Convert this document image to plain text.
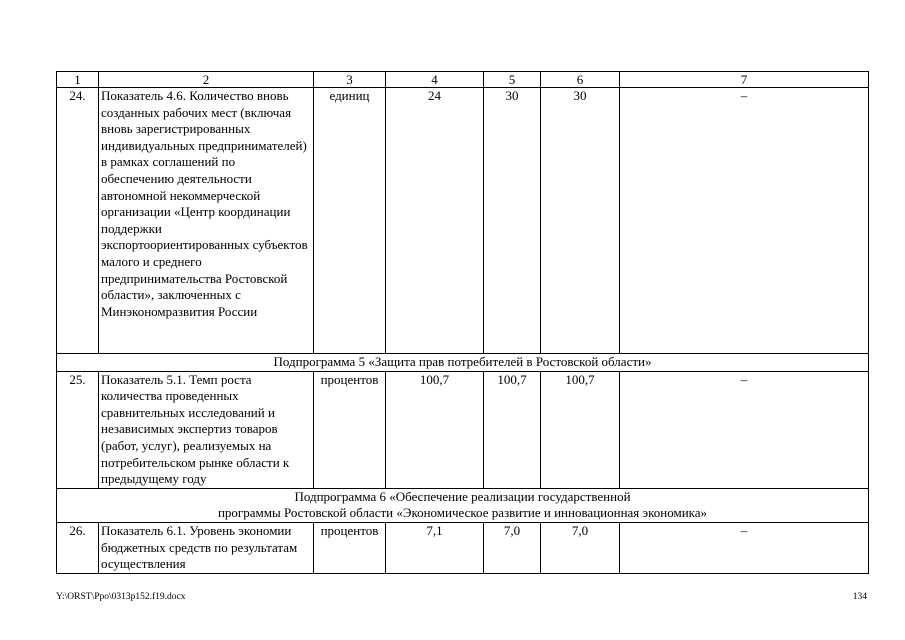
1	2	3	4	5	6	7
24.	Показатель 4.6. Количество вновь созданных рабочих мест (включая вновь зарегистрированных индивидуальных предпринимателей) в рамках соглашений по обеспечению деятельности автономной некоммерческой организации «Центр координации поддержки экспортоориентированных субъектов малого и среднего предпринимательства Ростовской области», заключенных с Минэкономразвития России	единиц	24	30	30	–
Подпрограмма 5 «Защита прав потребителей в Ростовской области»						
25.	Показатель 5.1. Темп роста количества проведенных сравнительных исследований и независимых экспертиз товаров (работ, услуг), реализуемых на потребительском рынке области к предыдущему году	процентов	100,7	100,7	100,7	–

Подпрограмма 6 «Обеспечение реализации государственной
программы Ростовской области «Экономическое развитие и инновационная экономика»						

26.	Показатель 6.1. Уровень экономии бюджетных средств по результатам осуществления	процентов	7,1	7,0	7,0	–
Y:\ORST\Ppo\0313p152.f19.docx	134
